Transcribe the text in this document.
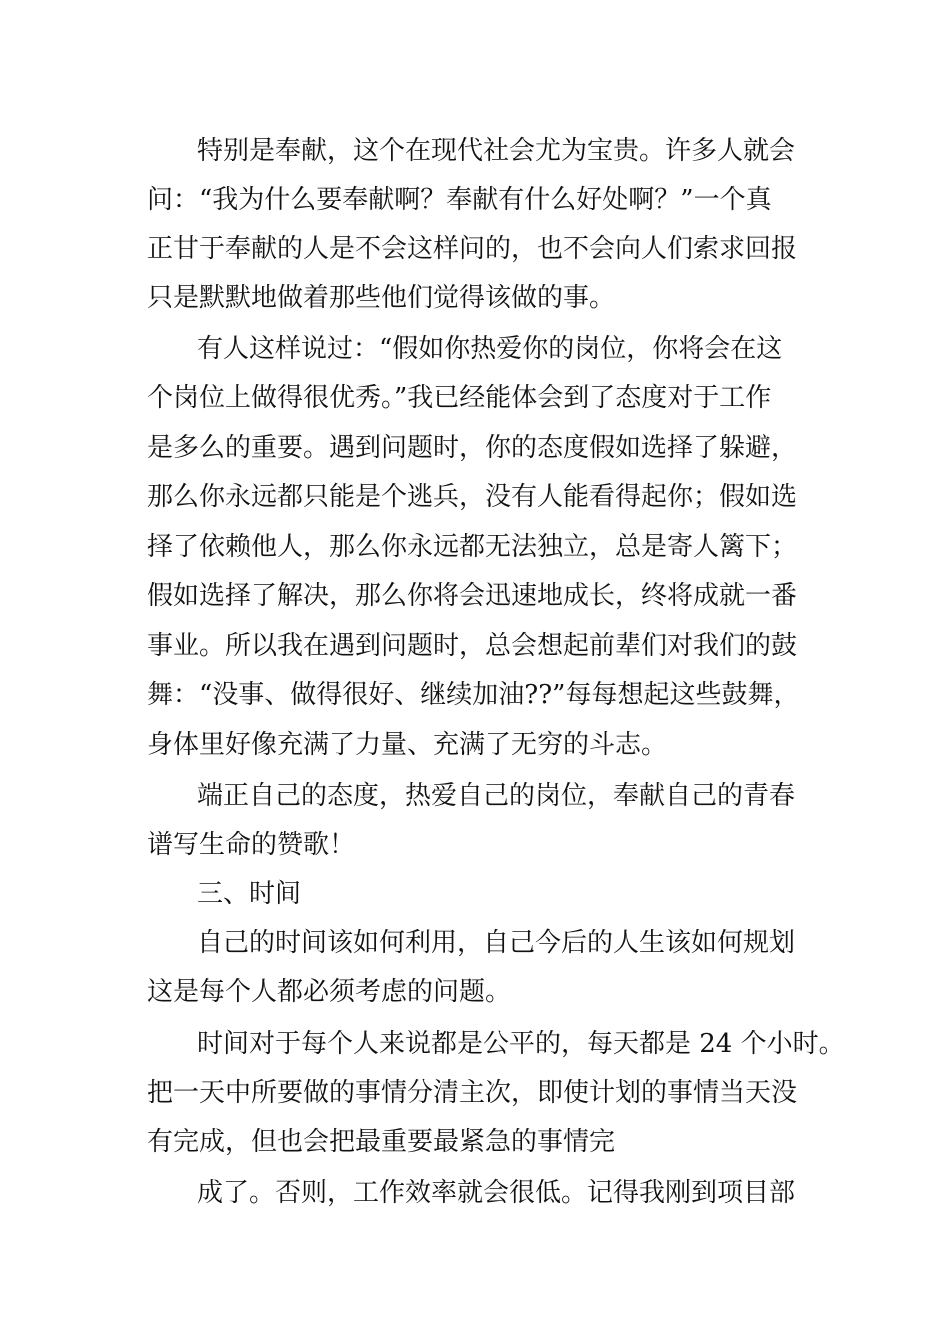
特别是奉献，这个在现代社会尤为宝贵。许多人就会
问：“我为什么要奉献啊？奉献有什么好处啊？”一个真
正甘于奉献的人是不会这样问的，也不会向人们索求回报
只是默默地做着那些他们觉得该做的事。
有人这样说过：“假如你热爱你的岗位，你将会在这
个岗位上做得很优秀。”我已经能体会到了态度对于工作
是多么的重要。遇到问题时，你的态度假如选择了躲避，
那么你永远都只能是个逃兵，没有人能看得起你；假如选
择了依赖他人，那么你永远都无法独立，总是寄人篱下；
假如选择了解决，那么你将会迅速地成长，终将成就一番
事业。所以我在遇到问题时，总会想起前辈们对我们的鼓
舞：“没事、做得很好、继续加油??”每每想起这些鼓舞，
身体里好像充满了力量、充满了无穷的斗志。
端正自己的态度，热爱自己的岗位，奉献自己的青春
谱写生命的赞歌！
三、时间
自己的时间该如何利用，自己今后的人生该如何规划
这是每个人都必须考虑的问题。
时间对于每个人来说都是公平的，每天都是 24 个小时。
把一天中所要做的事情分清主次，即使计划的事情当天没
有完成，但也会把最重要最紧急的事情完
成了。否则，工作效率就会很低。记得我刚到项目部
